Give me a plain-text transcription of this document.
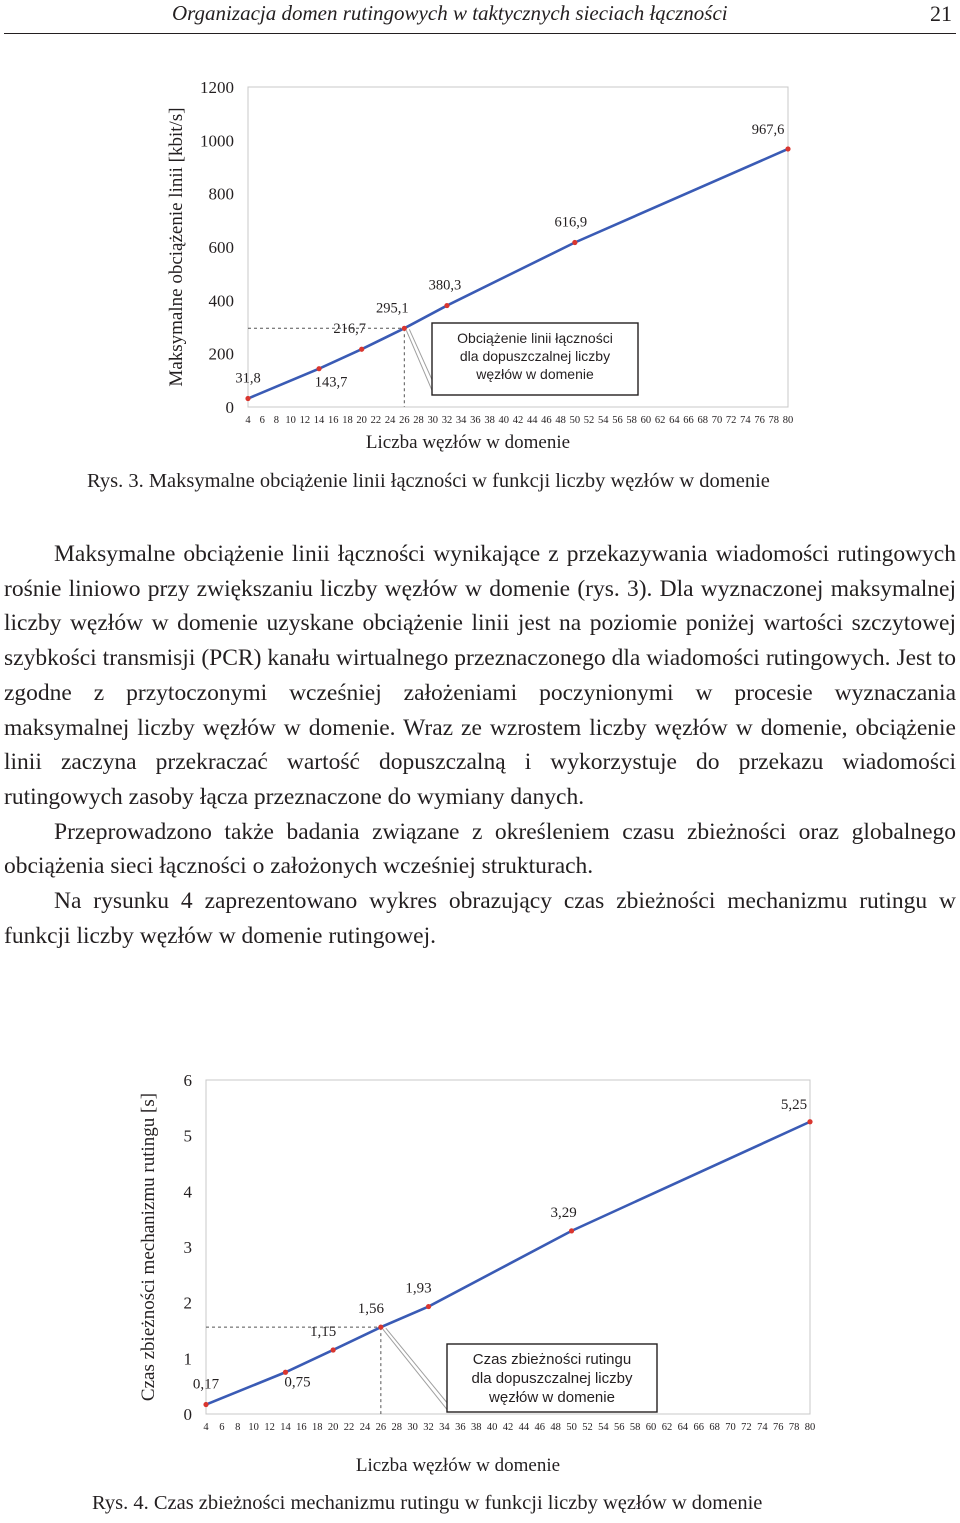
Organizacja domen rutingowych w taktycznych sieciach łączności	21
0
200
400
600
800
1000
1200
4 6 8 10 12 14 16 18 20 22 24 26 28 30 32 34 36 38 40 42 44 46 48 50 52 54 56 58 60 62 64 66 68 70 72 74 76 78 80
Maksymalne obciążenie linii [kbit/s]
Liczba węzłów w domenie
Obciążenie linii łączności dla dopuszczalnej liczby węzłów w domenie
31,8	143,7
216,7
295,1
380,3
616,9
967,6
Rys. 3. Maksymalne obciążenie linii łączności w funkcji liczby węzłów w domenie

Maksymalne obciążenie linii łączności wynikające z przekazywania wiadomości rutingowych rośnie liniowo przy zwiększaniu liczby węzłów w domenie (rys. 3). Dla wyznaczonej maksymalnej liczby węzłów w domenie uzyskane obciążenie linii jest na poziomie poniżej wartości szczytowej szybkości transmisji (PCR) kanału wirtualnego przeznaczonego dla wiadomości rutingowych. Jest to zgodne z przytoczonymi wcześniej założeniami poczynionymi w procesie wyznaczania maksymalnej liczby węzłów w domenie. Wraz ze wzrostem liczby węzłów w domenie, obciążenie linii zaczyna przekraczać wartość dopuszczalną i wykorzystuje do przekazu wiadomości rutingowych zasoby łącza przeznaczone do wymiany danych.

Przeprowadzono także badania związane z określeniem czasu zbieżności oraz globalnego obciążenia sieci łączności o założonych wcześniej strukturach.

Na rysunku 4 zaprezentowano wykres obrazujący czas zbieżności mechanizmu rutingu w funkcji liczby węzłów w domenie rutingowej.

0
1
2
3
4
5
6
4 6 8 10 12 14 16 18 20 22 24 26 28 30 32 34 36 38 40 42 44 46 48 50 52 54 56 58 60 62 64 66 68 70 72 74 76 78 80
Czas zbieżności mechanizmu rutingu [s]
Liczba węzłów w domenie
Czas zbieżności rutingu dla dopuszczalnej liczby węzłów w domenie
0,17	0,75
1,15
1,56
1,93
3,29
5,25
Rys. 4. Czas zbieżności mechanizmu rutingu w funkcji liczby węzłów w domenie
